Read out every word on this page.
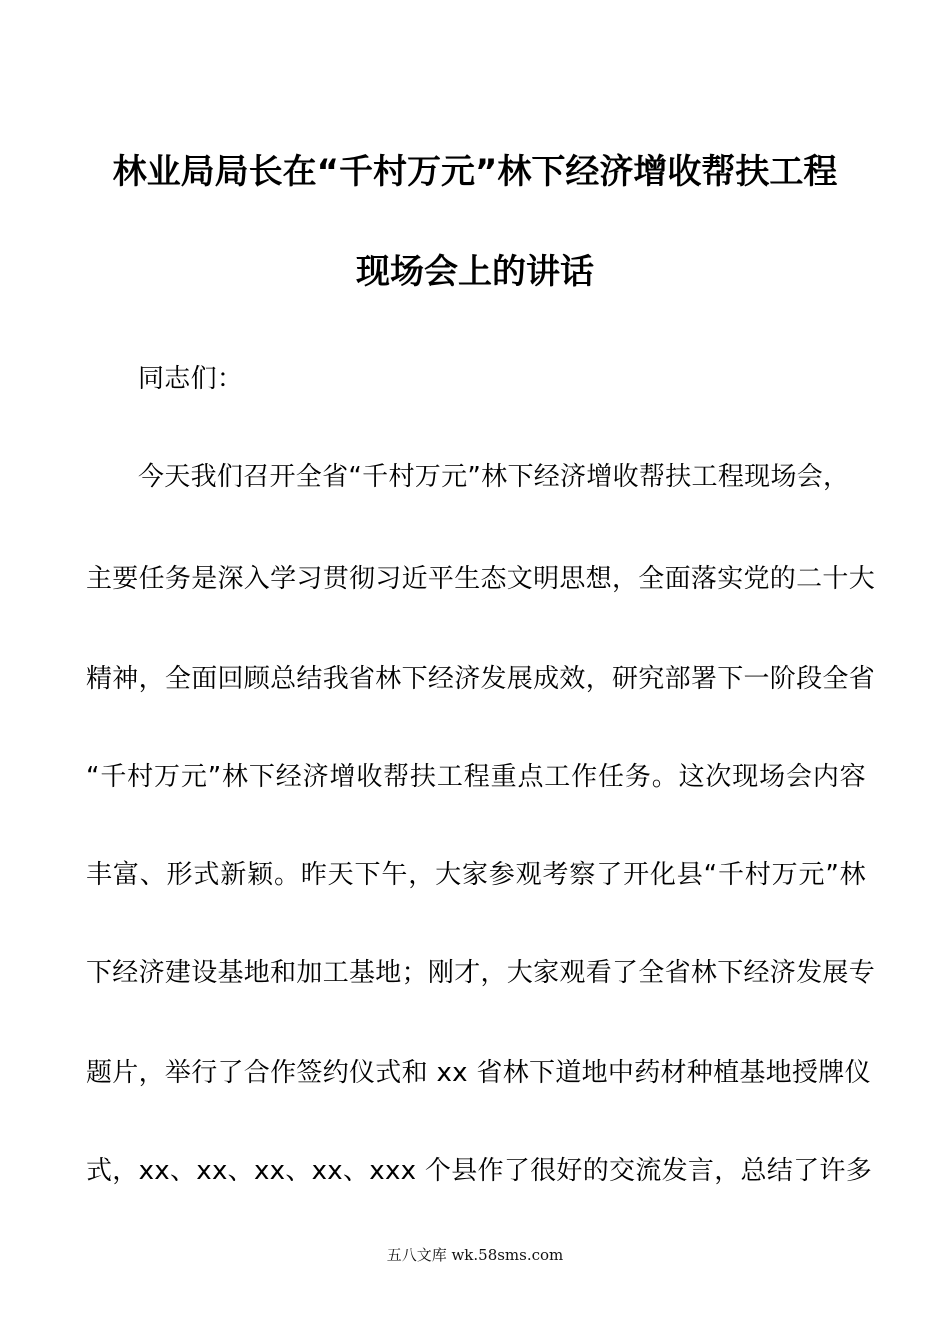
林业局局长在“千村万元”林下经济增收帮扶工程
现场会上的讲话
同志们：
今天我们召开全省“千村万元”林下经济增收帮扶工程现场会，
主要任务是深入学习贯彻习近平生态文明思想，全面落实党的二十大
精神，全面回顾总结我省林下经济发展成效，研究部署下一阶段全省
“千村万元”林下经济增收帮扶工程重点工作任务。这次现场会内容
丰富、形式新颖。昨天下午，大家参观考察了开化县“千村万元”林
下经济建设基地和加工基地；刚才，大家观看了全省林下经济发展专
题片，举行了合作签约仪式和 xx 省林下道地中药材种植基地授牌仪
式，xx、xx、xx、xx、xxx 个县作了很好的交流发言，总结了许多
五八文库 wk.58sms.com
